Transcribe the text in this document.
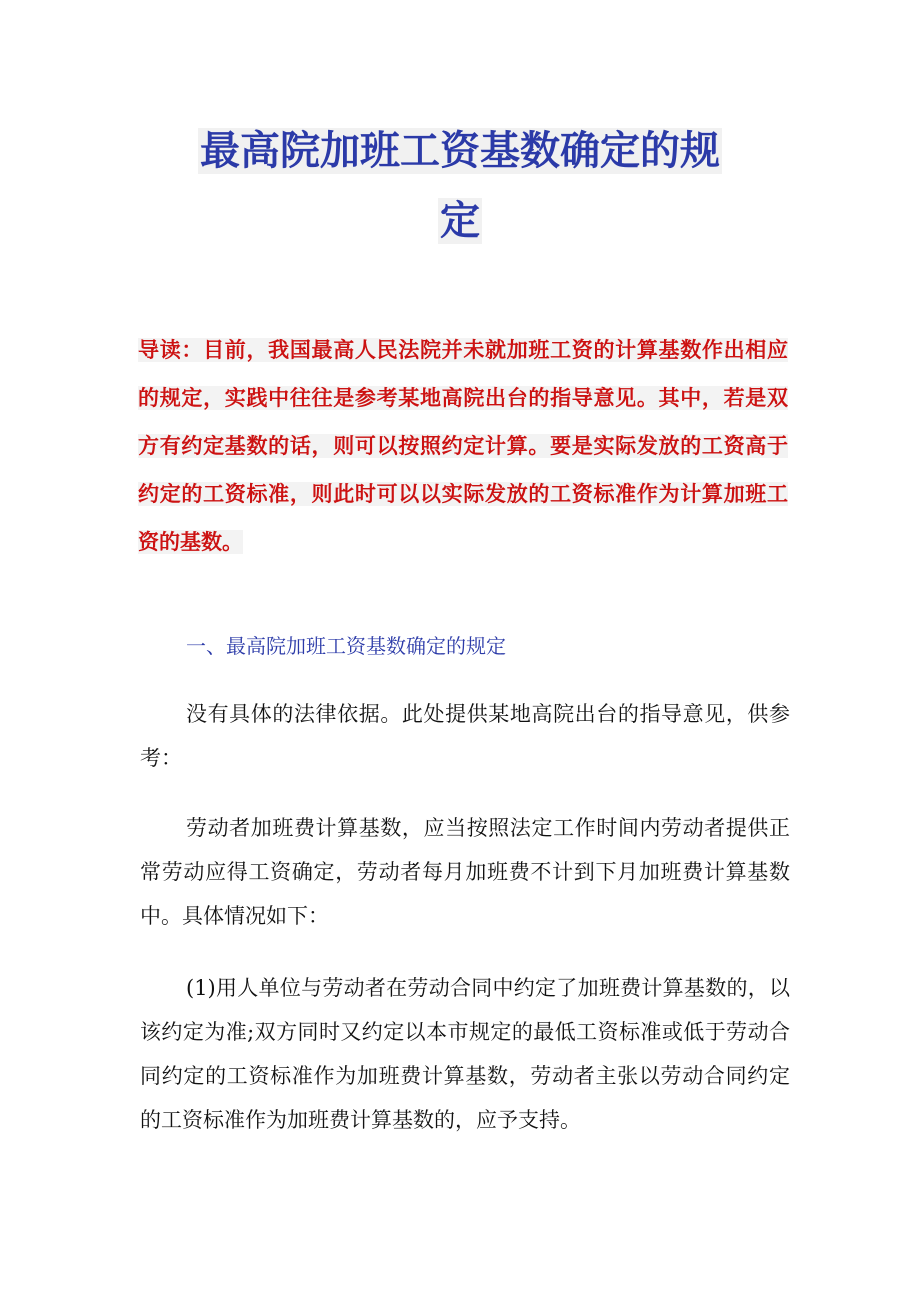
最高院加班工资基数确定的规
定
导读：目前，我国最高人民法院并未就加班工资的计算基数作出相应的规定，实践中往往是参考某地高院出台的指导意见。其中，若是双方有约定基数的话，则可以按照约定计算。要是实际发放的工资高于约定的工资标准，则此时可以以实际发放的工资标准作为计算加班工资的基数。
一、最高院加班工资基数确定的规定

没有具体的法律依据。此处提供某地高院出台的指导意见，供参考：

劳动者加班费计算基数，应当按照法定工作时间内劳动者提供正常劳动应得工资确定，劳动者每月加班费不计到下月加班费计算基数中。具体情况如下：

(1)用人单位与劳动者在劳动合同中约定了加班费计算基数的，以该约定为准;双方同时又约定以本市规定的最低工资标准或低于劳动合同约定的工资标准作为加班费计算基数，劳动者主张以劳动合同约定的工资标准作为加班费计算基数的，应予支持。
